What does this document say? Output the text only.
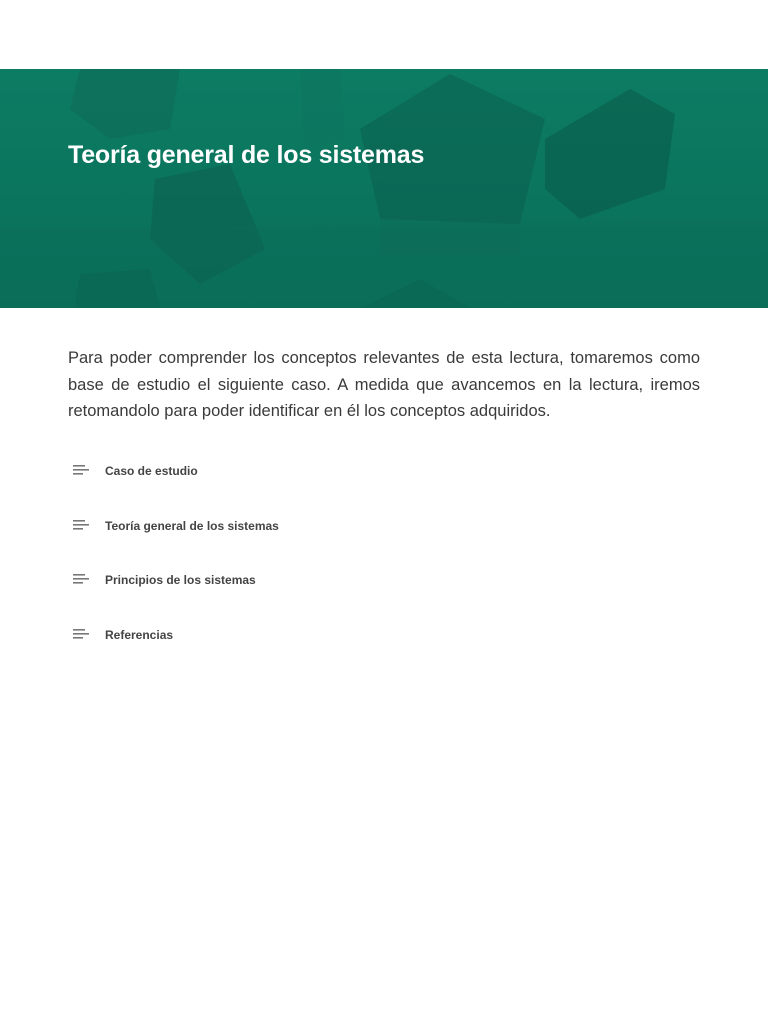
Teoría general de los sistemas

Para poder comprender los conceptos relevantes de esta lectura, tomaremos como base de estudio el siguiente caso. A medida que avancemos en la lectura, iremos retomandolo para poder identificar en él los conceptos adquiridos.

Caso de estudio
Teoría general de los sistemas
Principios de los sistemas
Referencias
